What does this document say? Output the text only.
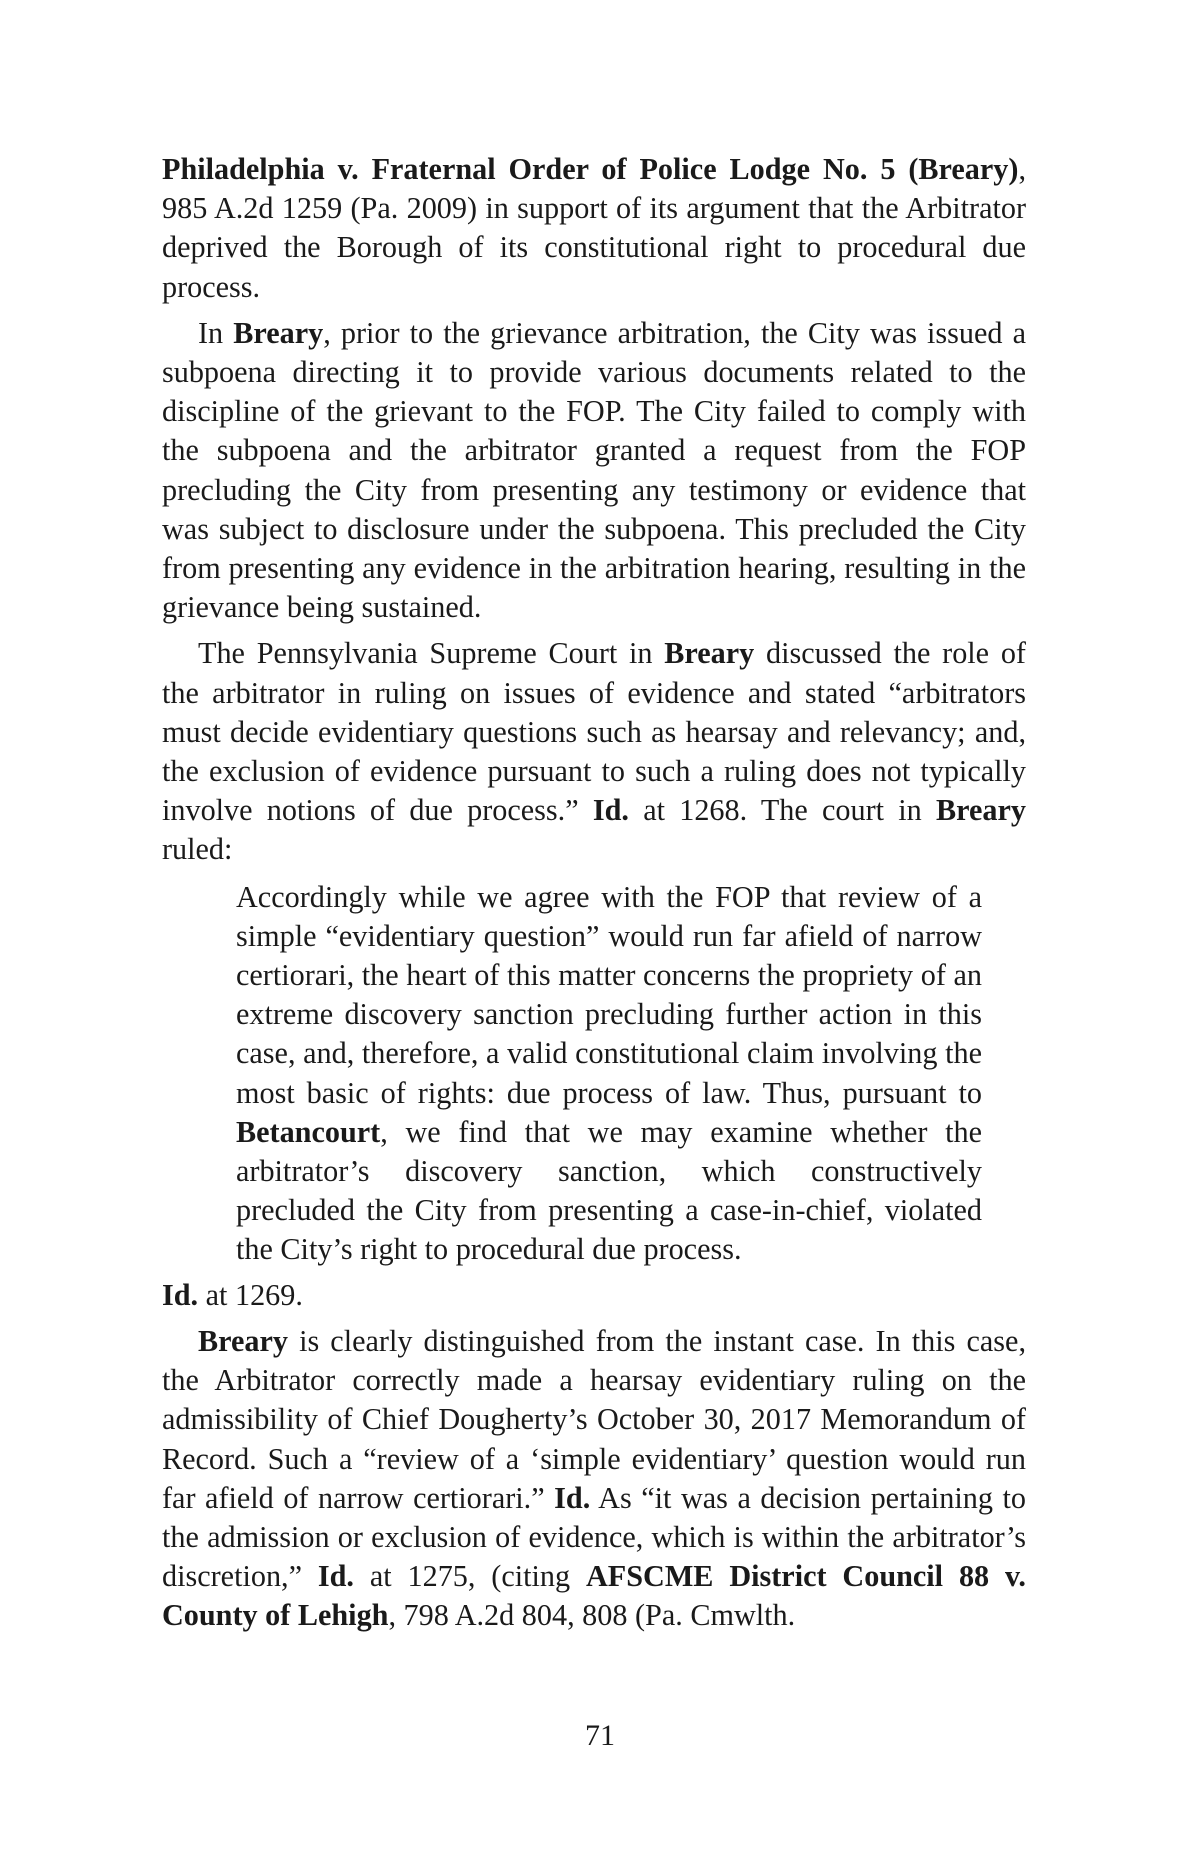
Philadelphia v. Fraternal Order of Police Lodge No. 5 (Breary), 985 A.2d 1259 (Pa. 2009) in support of its argument that the Arbitrator deprived the Borough of its constitutional right to procedural due process.

In Breary, prior to the grievance arbitration, the City was issued a subpoena directing it to provide various documents related to the discipline of the grievant to the FOP. The City failed to comply with the subpoena and the arbitrator granted a request from the FOP precluding the City from presenting any testimony or evidence that was subject to disclosure under the subpoena. This precluded the City from presenting any evidence in the arbitration hearing, resulting in the grievance being sustained.

The Pennsylvania Supreme Court in Breary discussed the role of the arbitrator in ruling on issues of evidence and stated “arbitrators must decide evidentiary questions such as hearsay and relevancy; and, the exclusion of evidence pursuant to such a ruling does not typically involve notions of due process.” Id. at 1268. The court in Breary ruled:

Accordingly while we agree with the FOP that review of a simple “evidentiary question” would run far afield of narrow certiorari, the heart of this matter concerns the propriety of an extreme discovery sanction precluding further action in this case, and, therefore, a valid constitutional claim involving the most basic of rights: due process of law. Thus, pursuant to Betancourt, we find that we may examine whether the arbitrator’s discovery sanction, which constructively precluded the City from presenting a case-in-chief, violated the City’s right to procedural due process.

Id. at 1269.

Breary is clearly distinguished from the instant case. In this case, the Arbitrator correctly made a hearsay evidentiary ruling on the admissibility of Chief Dougherty’s October 30, 2017 Memorandum of Record. Such a “review of a ‘simple evidentiary’ question would run far afield of narrow certiorari.” Id. As “it was a decision pertaining to the admission or exclusion of evidence, which is within the arbitrator’s discretion,” Id. at 1275, (citing AFSCME District Council 88 v. County of Lehigh, 798 A.2d 804, 808 (Pa. Cmwlth.

71
